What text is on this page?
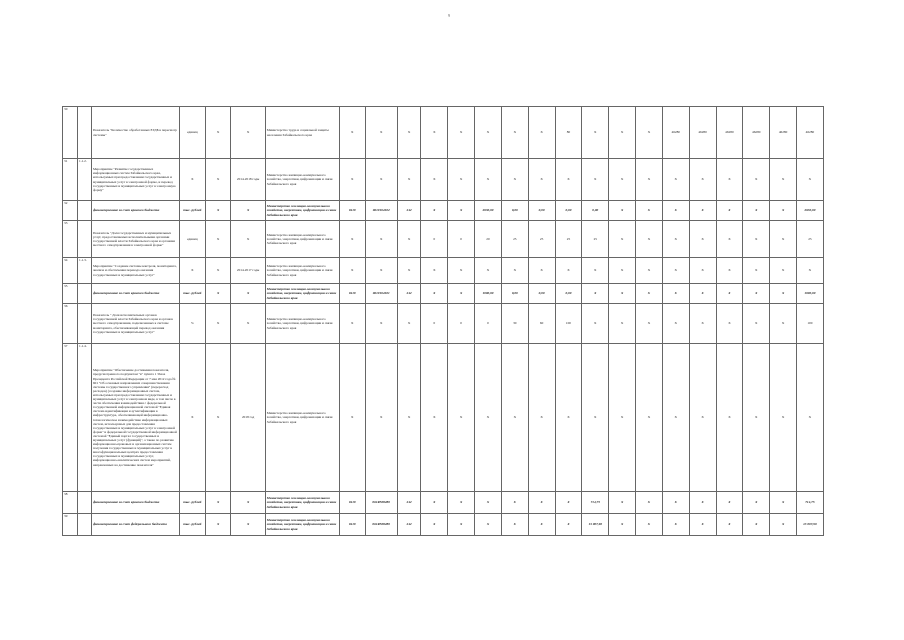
9
30		Показатель "Количество обработанных ЕГДБ в пересмотр системы"	единиц	Х	Х	Министерство труда и социальной защиты населения Забайкальского края	Х	Х	Х	Х	Х	Х	Х	Х	80	Х	Х	Х	46280	46280	46280	46280	46280	46280
31	1.1.2.	Мероприятие "Развитие государственных информационных систем Забайкальского края, используемых при предоставлении государственных и муниципальных услуг в электронной форме, и перевод государственных и муниципальных услуг в электронную форму"	Х	Х	2014-2018 годы	Министерство жилищно-коммунального хозяйства, энергетики, цифровизации и связи Забайкальского края	Х	Х	Х	Х	Х	Х	Х	Х	Х	Х	Х	Х	Х	Х	Х	Х	Х	Х
32		финансирование за счет краевого бюджета	тыс. рублей	Х	Х	Министерство жилищно-коммунального хозяйства, энергетики, цифровизации и связи Забайкальского края	0419	0610104022	242	Х	Х	2030,00	0,00	0,00	0,00	0,00	Х	Х	Х	Х	Х	Х	Х	2030,00
33		Показатель "Доля государственных и муниципальных услуг, предоставляемых исполнительными органами государственной власти Забайкальского края и органами местного самоуправления в электронной форме"	единиц	Х	Х	Министерство жилищно-коммунального хозяйства, энергетики, цифровизации и связи Забайкальского края	Х	Х	Х	0	0	20	25	25	25	25	Х	Х	Х	Х	Х	Х	Х	25
34	1.1.3.	Мероприятие "Создание системы контроля, мониторинга, анализа и обеспечения перевода оказания государственных и муниципальных услуг"	Х	Х	2014-2017 годы	Министерство жилищно-коммунального хозяйства, энергетики, цифровизации и связи Забайкальского края	Х	Х	Х	Х	Х	Х	Х	Х	Х	Х	Х	Х	Х	Х	Х	Х	Х	Х
35		финансирование за счет краевого бюджета	тыс. рублей	Х	Х	Министерство жилищно-коммунального хозяйства, энергетики, цифровизации и связи Забайкальского края	0419	0610104021	242	Х	Х	1000,00	0,00	0,00	0,00	Х	Х	Х	Х	Х	Х	Х	Х	1000,00
36		Показатель " Доля исполнительных органов государственной власти Забайкальского края и органов местного самоуправления, подключенных к системе мониторинга, обеспечивающей перевод оказания государственных и муниципальных услуг"	%	Х	Х	Министерство жилищно-коммунального хозяйства, энергетики, цифровизации и связи Забайкальского края	Х	Х	Х	0	0	0	30	60	100	Х	Х	Х	Х	Х	Х	Х	Х	100
37	1.1.4.	Мероприятие "Обеспечение достижения показателя, предусмотренного подпунктом "в" пункта 1 Указа Президента Российской Федерации от 7 мая 2012 года № 601 "Об основных направлениях совершенствования системы государственного управления" (перерасход расходов) (создание информационных систем, используемых при предоставлении государственных и муниципальных услуг в электронном виде, в том числе в части обеспечения взаимодействия с федеральной государственной информационной системой "Единая система идентификации и аутентификации в инфраструктуре, обеспечивающей информационно-технологическое взаимодействие информационных систем, используемых для предоставления государственных и муниципальных услуг в электронной форме" и федеральной государственной информационной системой "Единый портал государственных и муниципальных услуг (функций)", а также по развитию информационно-правовых и организационных систем получения государственных и муниципальных услуг в многофункциональных центрах предоставления государственных и муниципальных услуг, информационно-аналитических систем мероприятий, направленных на достижение показателя"	Х	Х	2018 год	Министерство жилищно-коммунального хозяйства, энергетики, цифровизации и связи Забайкальского края	Х	Х	Х	Х	Х	Х	Х	Х	Х	Х	Х	Х	Х	Х	Х	Х	Х	Х
38		финансирование за счет краевого бюджета	тыс. рублей	Х	Х	Министерство жилищно-коммунального хозяйства, энергетики, цифровизации и связи Забайкальского края	0419	061R508280	242	Х	Х	Х	Х	Х	Х	714,75	Х	Х	Х	Х	Х	Х	Х	714,75
39		финансирование за счет федерального бюджета	тыс. рублей	Х	Х	Министерство жилищно-коммунального хозяйства, энергетики, цифровизации и связи Забайкальского края	0419	061R508280	242	Х	Х	Х	Х	Х	Х	13 007,90	Х	Х	Х	Х	Х	Х	Х	13 007,90
